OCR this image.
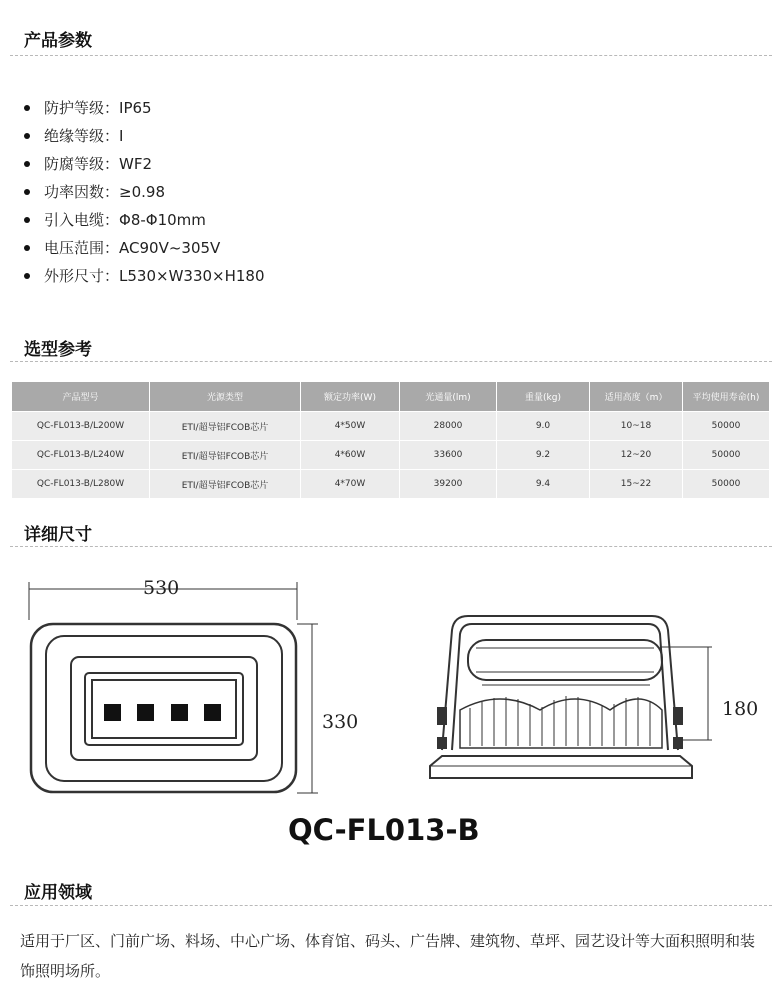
产品参数
防护等级： IP65
绝缘等级： I
防腐等级： WF2
功率因数： ≥0.98
引入电缆： Φ8-Φ10mm
电压范围： AC90V~305V
外形尺寸： L530×W330×H180
选型参考
产品型号	光源类型	额定功率(W)	光通量(lm)	重量(kg)	适用高度（m）	平均使用寿命(h)
QC-FL013-B/L200W	ETI/超导铝FCOB芯片	4*50W	28000	9.0	10~18	50000
QC-FL013-B/L240W	ETI/超导铝FCOB芯片	4*60W	33600	9.2	12~20	50000
QC-FL013-B/L280W	ETI/超导铝FCOB芯片	4*70W	39200	9.4	15~22	50000
详细尺寸
530
330
180
QC-FL013-B
应用领域
适用于厂区、门前广场、料场、中心广场、体育馆、码头、广告牌、建筑物、草坪、园艺设计等大面积照明和装饰照明场所。
